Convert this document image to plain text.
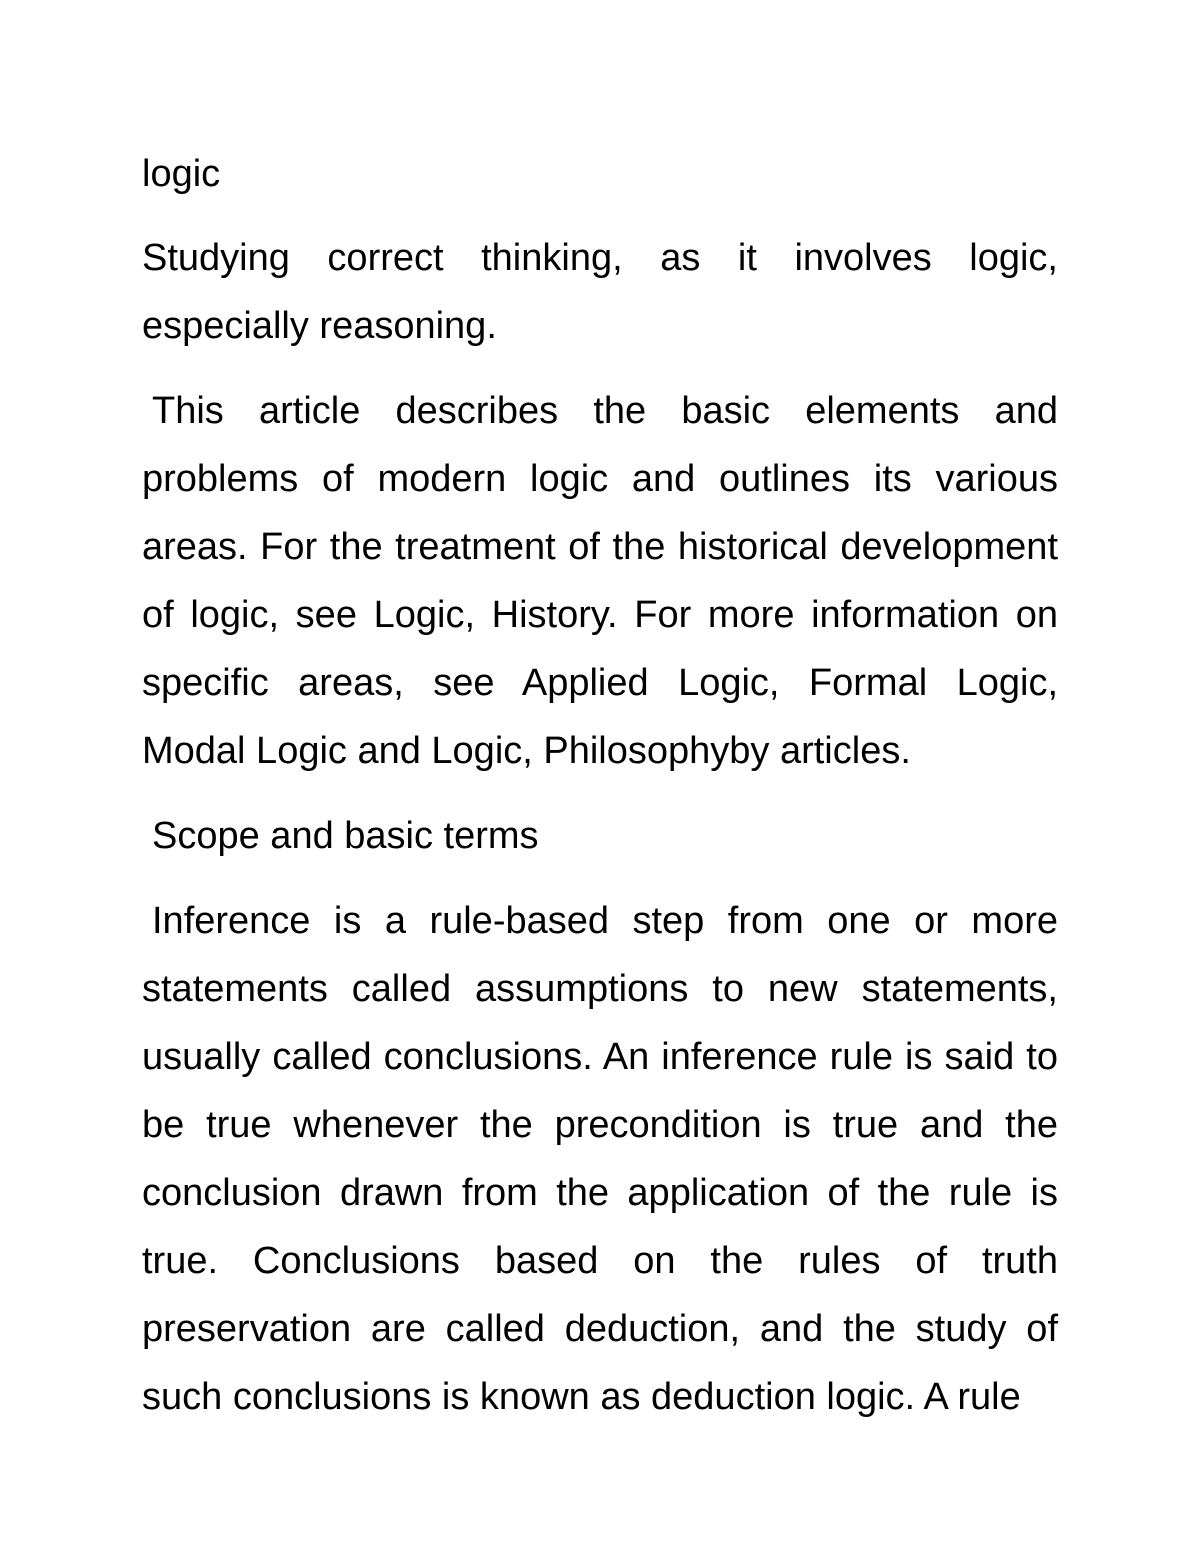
logic

Studying correct thinking, as it involves logic, especially reasoning.

This article describes the basic elements and problems of modern logic and outlines its various areas. For the treatment of the historical development of logic, see Logic, History. For more information on specific areas, see Applied Logic, Formal Logic, Modal Logic and Logic, Philosophyby articles.

Scope and basic terms

Inference is a rule-based step from one or more statements called assumptions to new statements, usually called conclusions. An inference rule is said to be true whenever the precondition is true and the conclusion drawn from the application of the rule is true. Conclusions based on the rules of truth preservation are called deduction, and the study of such conclusions is known as deduction logic. A rule
